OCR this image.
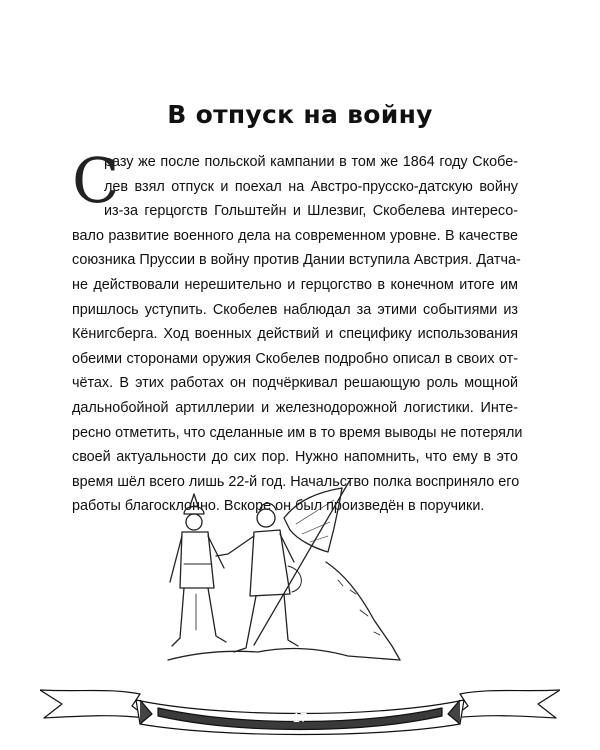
В отпуск на войну
С
разу же после польской кампании в том же 1864 году Скобе-
лев взял отпуск и поехал на Австро-прусско-датскую войну
из-за герцогств Гольштейн и Шлезвиг, Скобелева интересо-
вало развитие военного дела на современном уровне. В качестве
союзника Пруссии в войну против Дании вступила Австрия. Датча-
не действовали нерешительно и герцогство в конечном итоге им
пришлось уступить. Скобелев наблюдал за этими событиями из
Кёнигсберга. Ход военных действий и специфику использования
обеими сторонами оружия Скобелев подробно описал в своих от-
чётах. В этих работах он подчёркивал решающую роль мощной
дальнобойной артиллерии и железнодорожной логистики. Инте-
ресно отметить, что сделанные им в то время выводы не потеряли
своей актуальности до сих пор. Нужно напомнить, что ему в это
время шёл всего лишь 22-й год. Начальство полка восприняло его
работы благосклонно. Вскоре он был произведён в поручики.
17
